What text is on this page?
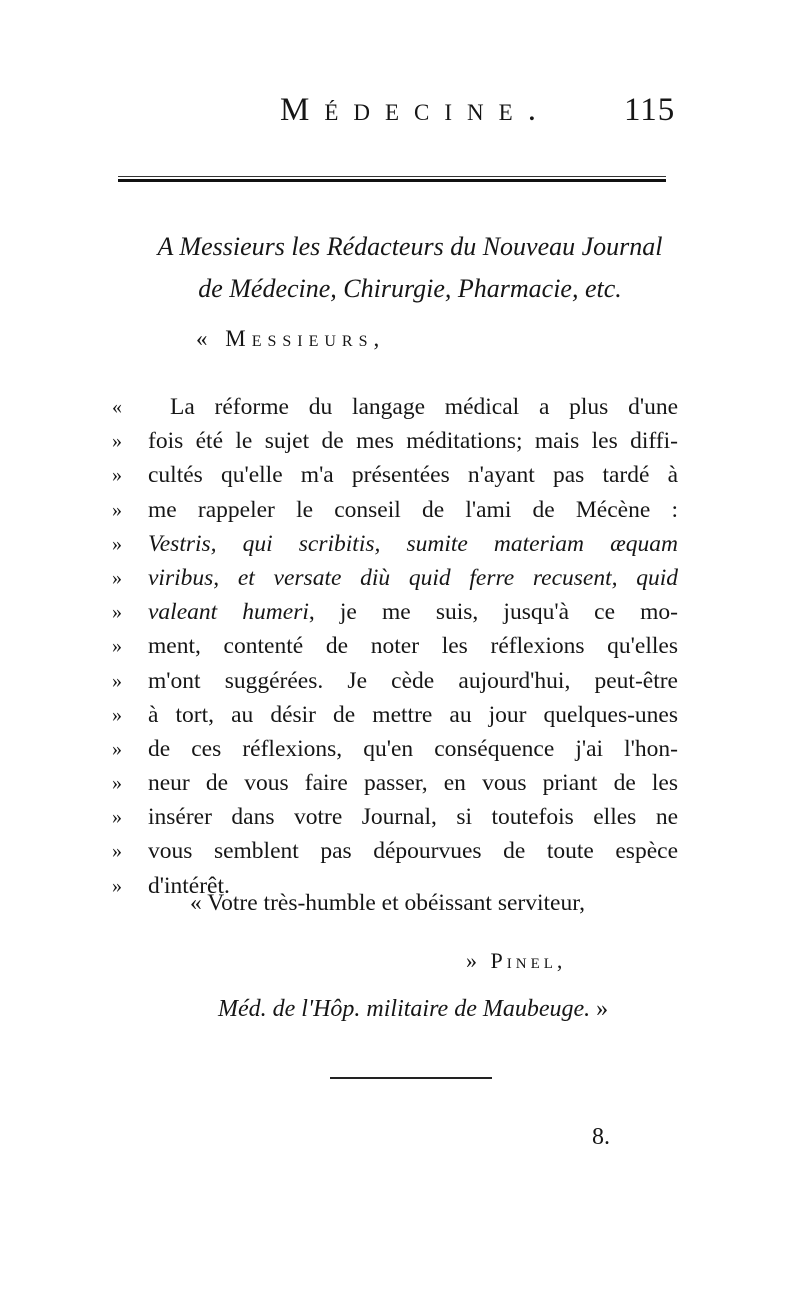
Médecine. 115
A Messieurs les Rédacteurs du Nouveau Journal
de Médecine, Chirurgie, Pharmacie, etc.
« Messieurs,
«	La réforme du langage médical a plus d'une
»	fois été le sujet de mes méditations; mais les diffi-
»	cultés qu'elle m'a présentées n'ayant pas tardé à
»	me rappeler le conseil de l'ami de Mécène :
»	Vestris, qui scribitis, sumite materiam æquam
»	viribus, et versate diù quid ferre recusent, quid
»	valeant humeri, je me suis, jusqu'à ce mo-
»	ment, contenté de noter les réflexions qu'elles
»	m'ont suggérées. Je cède aujourd'hui, peut-être
»	à tort, au désir de mettre au jour quelques-unes
»	de ces réflexions, qu'en conséquence j'ai l'hon-
»	neur de vous faire passer, en vous priant de les
»	insérer dans votre Journal, si toutefois elles ne
»	vous semblent pas dépourvues de toute espèce
»	d'intérêt.
« Votre très-humble et obéissant serviteur,
» Pinel,
Méd. de l'Hôp. militaire de Maubeuge. »
8.
